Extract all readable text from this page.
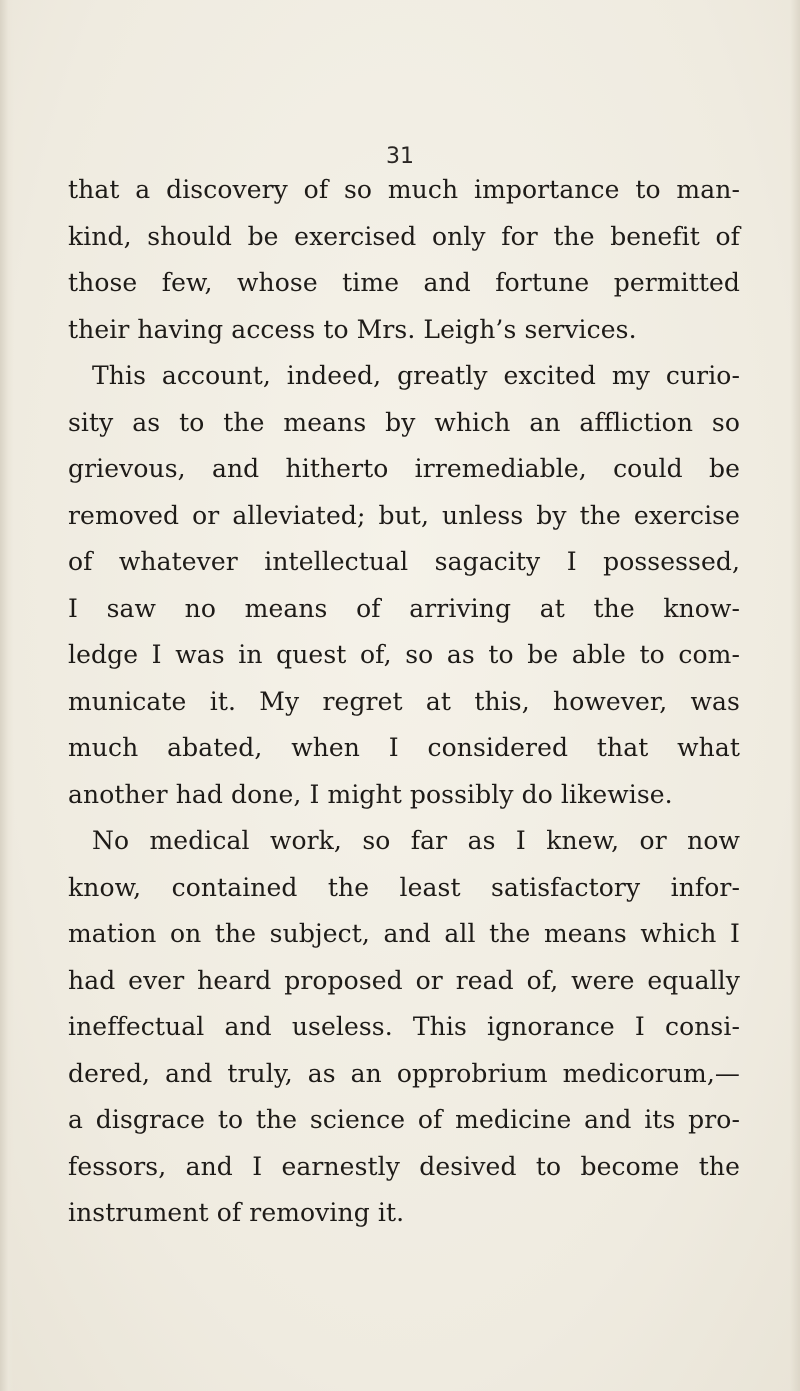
31
that a discovery of so much importance to man-
kind, should be exercised only for the benefit of
those few, whose time and fortune permitted
their having access to Mrs. Leigh’s services.
This account, indeed, greatly excited my curio-
sity as to the means by which an affliction so
grievous, and hitherto irremediable, could be
removed or alleviated; but, unless by the exercise
of whatever intellectual sagacity I possessed,
I saw no means of arriving at the know-
ledge I was in quest of, so as to be able to com-
municate it. My regret at this, however, was
much abated, when I considered that what
another had done, I might possibly do likewise.
No medical work, so far as I knew, or now
know, contained the least satisfactory infor-
mation on the subject, and all the means which I
had ever heard proposed or read of, were equally
ineffectual and useless. This ignorance I consi-
dered, and truly, as an opprobrium medicorum,—
a disgrace to the science of medicine and its pro-
fessors, and I earnestly desived to become the
instrument of removing it.
